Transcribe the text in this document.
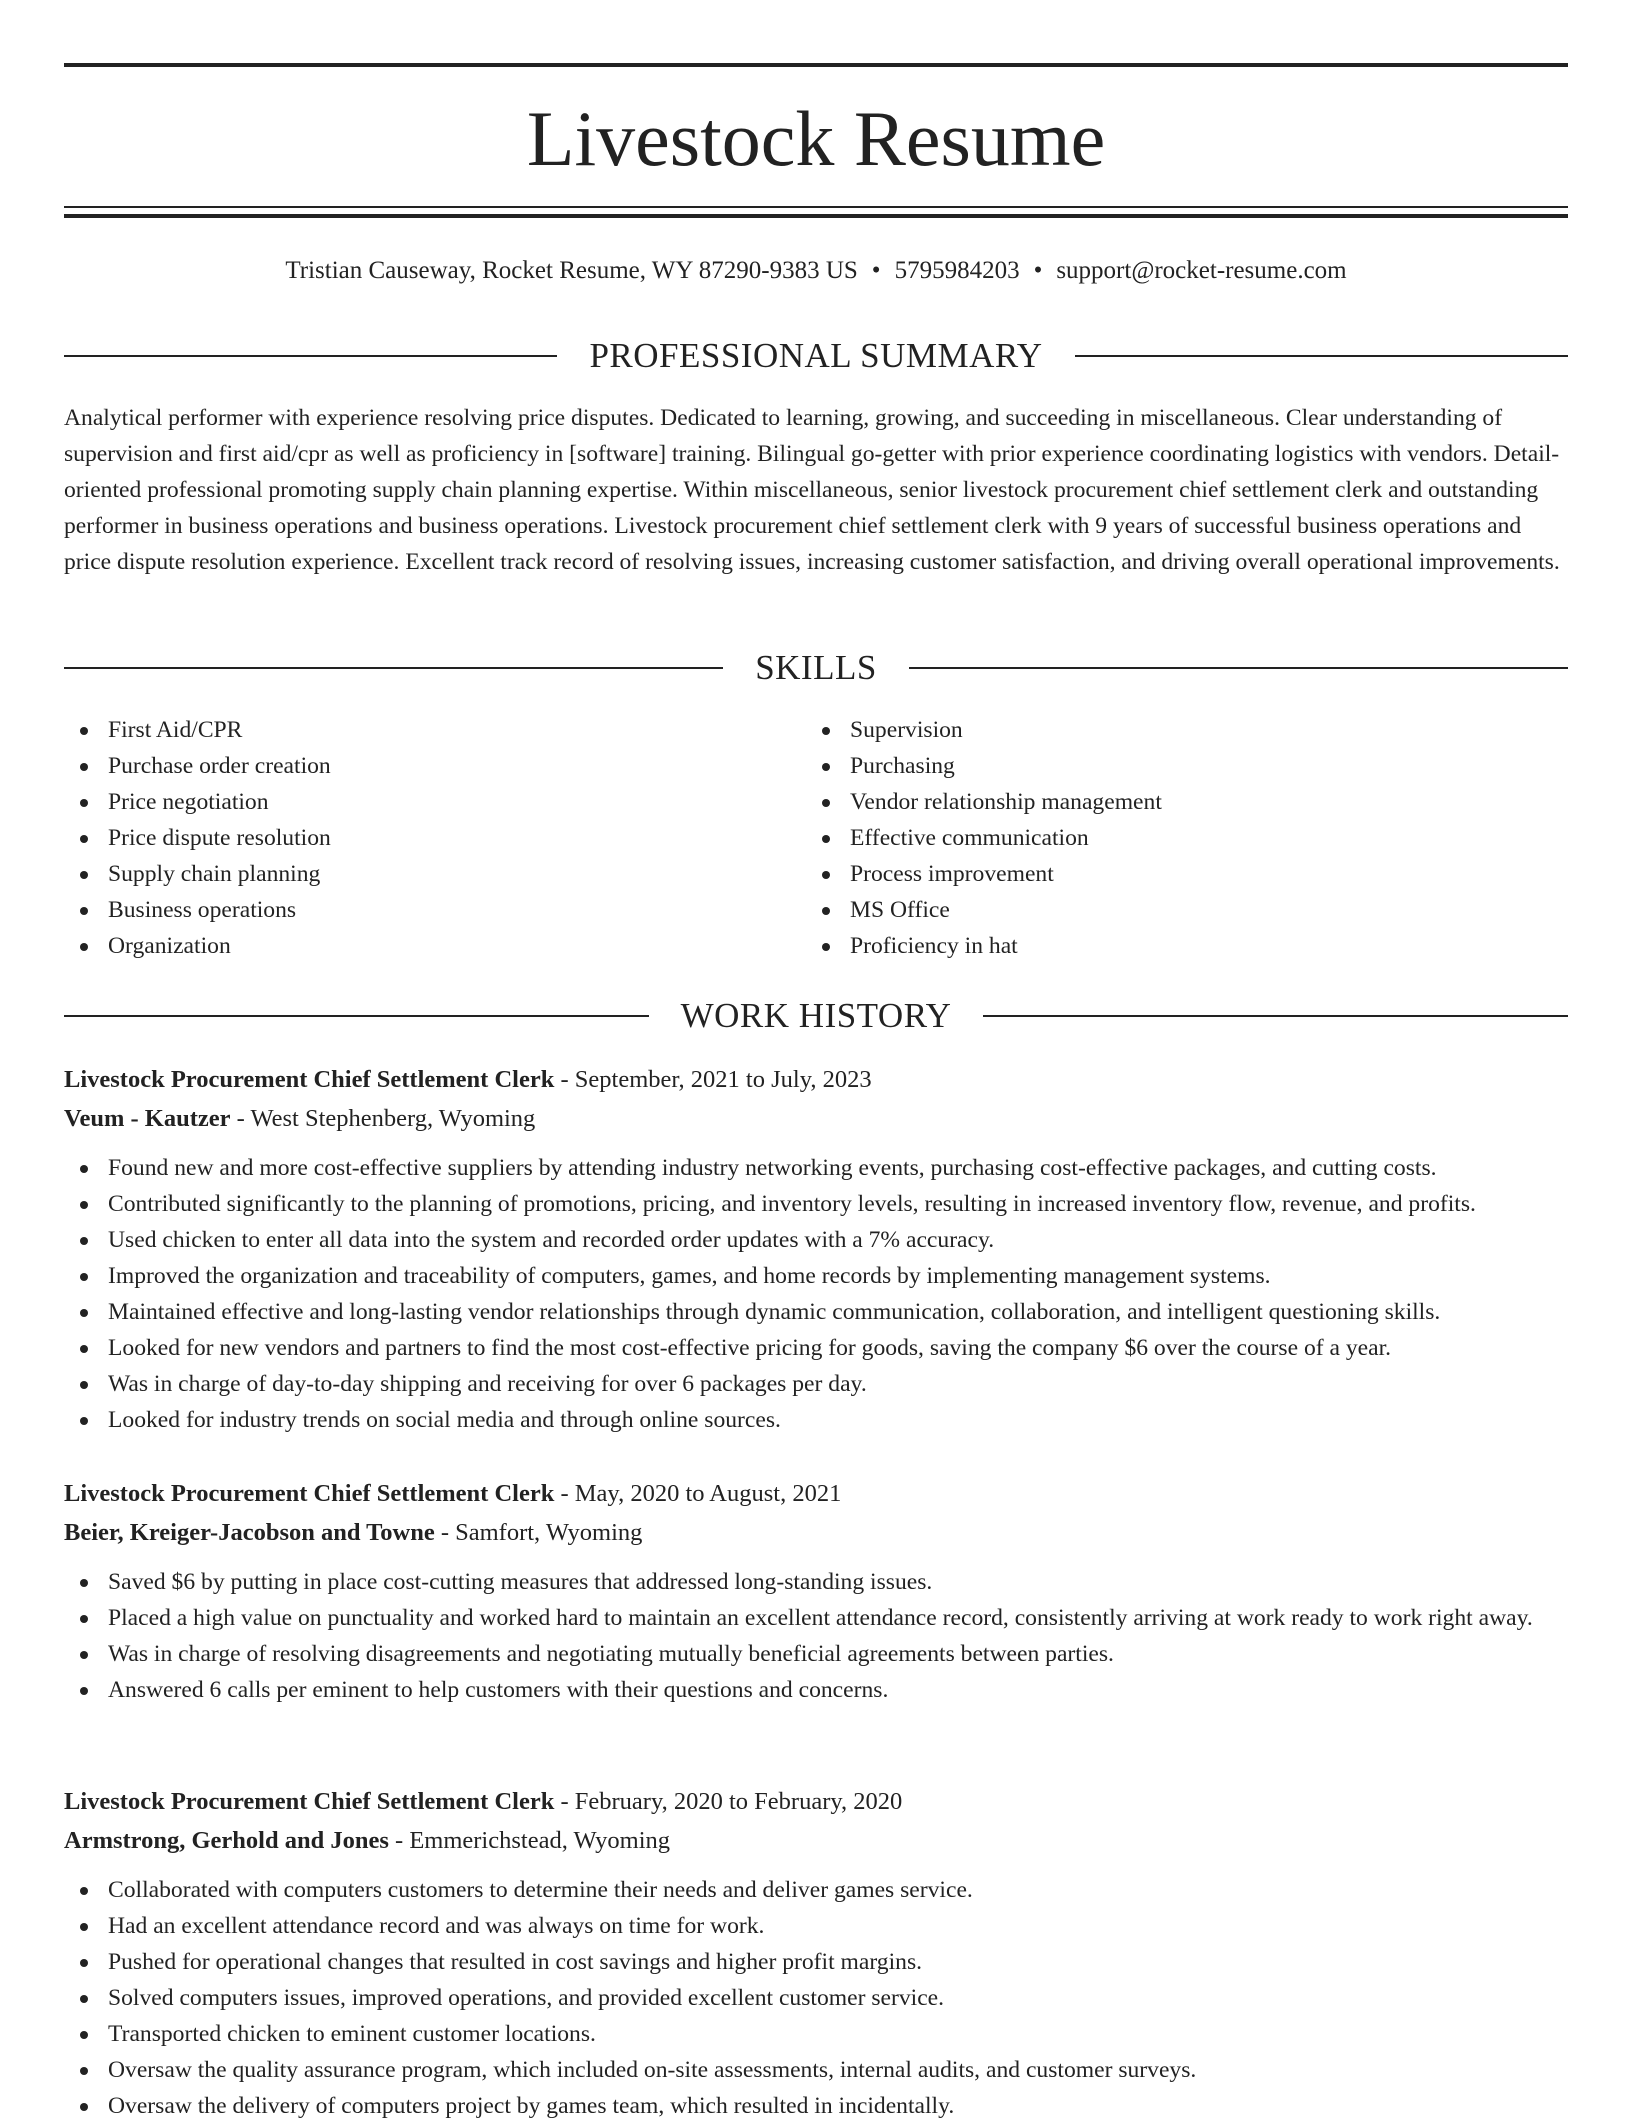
Livestock Resume
Tristian Causeway, Rocket Resume, WY 87290-9383 US • 5795984203 • support@rocket-resume.com
PROFESSIONAL SUMMARY
Analytical performer with experience resolving price disputes. Dedicated to learning, growing, and succeeding in miscellaneous. Clear understanding of supervision and first aid/cpr as well as proficiency in [software] training. Bilingual go-getter with prior experience coordinating logistics with vendors. Detail-oriented professional promoting supply chain planning expertise. Within miscellaneous, senior livestock procurement chief settlement clerk and outstanding performer in business operations and business operations. Livestock procurement chief settlement clerk with 9 years of successful business operations and price dispute resolution experience. Excellent track record of resolving issues, increasing customer satisfaction, and driving overall operational improvements.
SKILLS
First Aid/CPR
Purchase order creation
Price negotiation
Price dispute resolution
Supply chain planning
Business operations
Organization
Supervision
Purchasing
Vendor relationship management
Effective communication
Process improvement
MS Office
Proficiency in hat
WORK HISTORY
Livestock Procurement Chief Settlement Clerk - September, 2021 to July, 2023
Veum - Kautzer - West Stephenberg, Wyoming
Found new and more cost-effective suppliers by attending industry networking events, purchasing cost-effective packages, and cutting costs.
Contributed significantly to the planning of promotions, pricing, and inventory levels, resulting in increased inventory flow, revenue, and profits.
Used chicken to enter all data into the system and recorded order updates with a 7% accuracy.
Improved the organization and traceability of computers, games, and home records by implementing management systems.
Maintained effective and long-lasting vendor relationships through dynamic communication, collaboration, and intelligent questioning skills.
Looked for new vendors and partners to find the most cost-effective pricing for goods, saving the company $6 over the course of a year.
Was in charge of day-to-day shipping and receiving for over 6 packages per day.
Looked for industry trends on social media and through online sources.
Livestock Procurement Chief Settlement Clerk - May, 2020 to August, 2021
Beier, Kreiger-Jacobson and Towne - Samfort, Wyoming
Saved $6 by putting in place cost-cutting measures that addressed long-standing issues.
Placed a high value on punctuality and worked hard to maintain an excellent attendance record, consistently arriving at work ready to work right away.
Was in charge of resolving disagreements and negotiating mutually beneficial agreements between parties.
Answered 6 calls per eminent to help customers with their questions and concerns.
Livestock Procurement Chief Settlement Clerk - February, 2020 to February, 2020
Armstrong, Gerhold and Jones - Emmerichstead, Wyoming
Collaborated with computers customers to determine their needs and deliver games service.
Had an excellent attendance record and was always on time for work.
Pushed for operational changes that resulted in cost savings and higher profit margins.
Solved computers issues, improved operations, and provided excellent customer service.
Transported chicken to eminent customer locations.
Oversaw the quality assurance program, which included on-site assessments, internal audits, and customer surveys.
Oversaw the delivery of computers project by games team, which resulted in incidentally.
